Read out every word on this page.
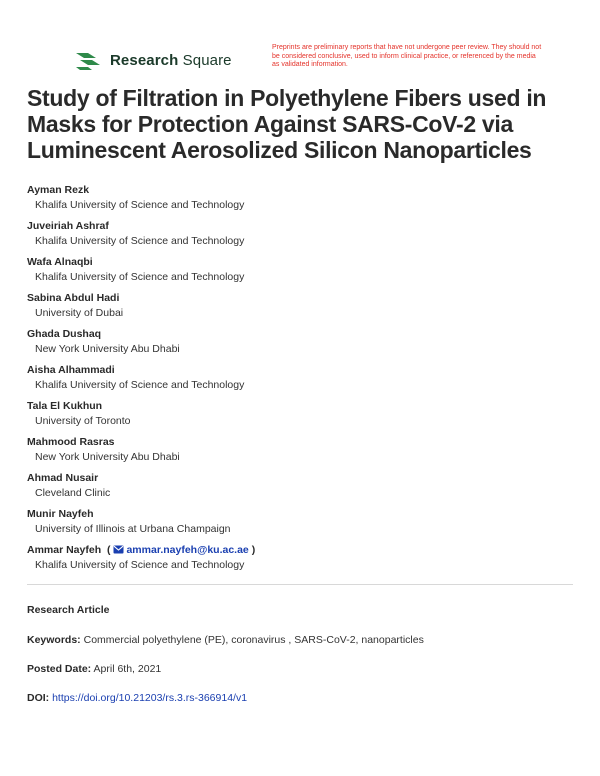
Research Square
Preprints are preliminary reports that have not undergone peer review. They should not be considered conclusive, used to inform clinical practice, or referenced by the media as validated information.
Study of Filtration in Polyethylene Fibers used in Masks for Protection Against SARS-CoV-2 via Luminescent Aerosolized Silicon Nanoparticles
Ayman Rezk
Khalifa University of Science and Technology
Juveiriah Ashraf
Khalifa University of Science and Technology
Wafa Alnaqbi
Khalifa University of Science and Technology
Sabina Abdul Hadi
University of Dubai
Ghada Dushaq
New York University Abu Dhabi
Aisha Alhammadi
Khalifa University of Science and Technology
Tala El Kukhun
University of Toronto
Mahmood Rasras
New York University Abu Dhabi
Ahmad Nusair
Cleveland Clinic
Munir Nayfeh
University of Illinois at Urbana Champaign
Ammar Nayfeh  ( ammar.nayfeh@ku.ac.ae )
Khalifa University of Science and Technology
Research Article
Keywords: Commercial polyethylene (PE), coronavirus , SARS-CoV-2, nanoparticles
Posted Date: April 6th, 2021
DOI: https://doi.org/10.21203/rs.3.rs-366914/v1
